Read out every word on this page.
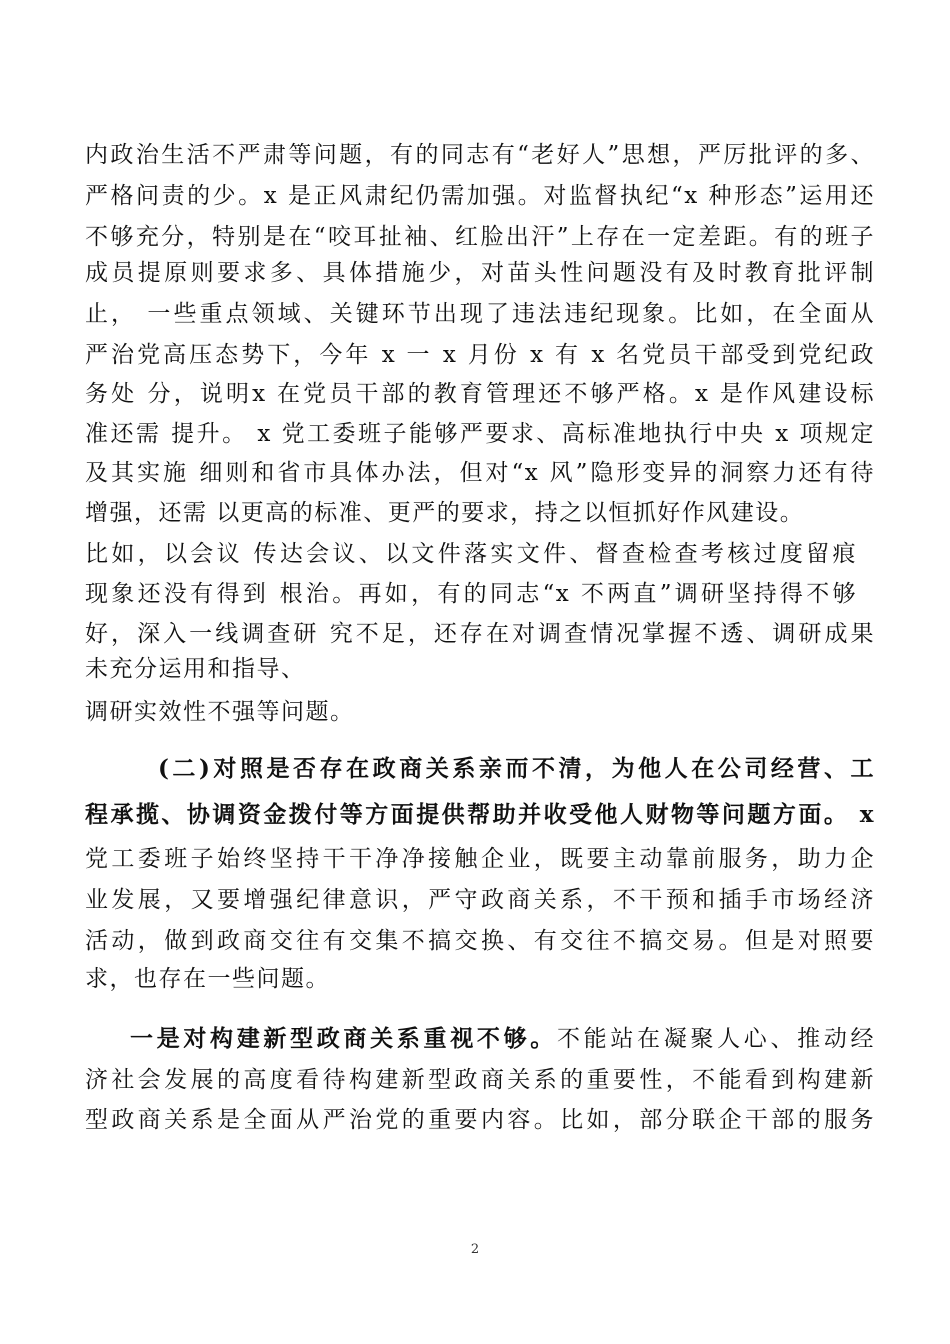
内政治生活不严肃等问题，有的同志有“老好人”思想，严厉批评的多、
严格问责的少。x 是正风肃纪仍需加强。对监督执纪“x 种形态”运用还
不够充分，特别是在“咬耳扯袖、红脸出汗”上存在一定差距。有的班子
成员提原则要求多、具体措施少，对苗头性问题没有及时教育批评制
止， 一些重点领域、关键环节出现了违法违纪现象。比如，在全面从
严治党高压态势下，今年 x 一 x 月份 x 有 x 名党员干部受到党纪政
务处 分，说明x 在党员干部的教育管理还不够严格。x 是作风建设标
准还需 提升。 x 党工委班子能够严要求、高标准地执行中央 x 项规定
及其实施 细则和省市具体办法，但对“x 风”隐形变异的洞察力还有待
增强，还需 以更高的标准、更严的要求，持之以恒抓好作风建设。
比如，以会议 传达会议、以文件落实文件、督查检查考核过度留痕
现象还没有得到 根治。再如，有的同志“x 不两直”调研坚持得不够
好，深入一线调查研 究不足，还存在对调查情况掌握不透、调研成果
未充分运用和指导、
调研实效性不强等问题。
(二)对照是否存在政商关系亲而不清，为他人在公司经营、工
程承揽、协调资金拨付等方面提供帮助并收受他人财物等问题方面。 x
党工委班子始终坚持干干净净接触企业，既要主动靠前服务，助力企
业发展，又要增强纪律意识，严守政商关系，不干预和插手市场经济
活动，做到政商交往有交集不搞交换、有交往不搞交易。但是对照要
求，也存在一些问题。
一是对构建新型政商关系重视不够。不能站在凝聚人心、推动经
济社会发展的高度看待构建新型政商关系的重要性，不能看到构建新
型政商关系是全面从严治党的重要内容。比如，部分联企干部的服务
2
